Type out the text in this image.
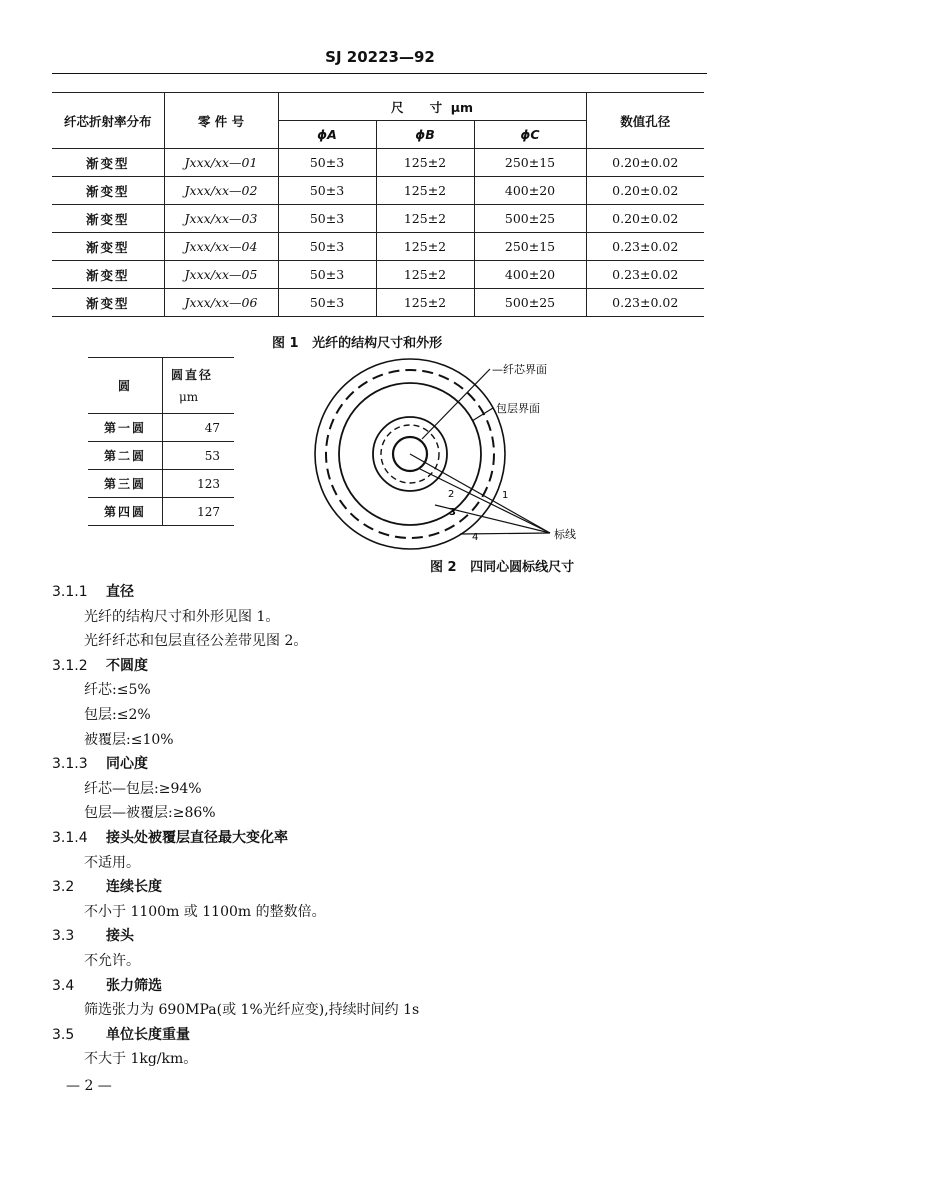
SJ 20223—92
纤芯折射率分布	零 件 号	尺      寸  μm			数值孔径
		ϕA	ϕB	ϕC	
渐变型	Jxxx/xx—01	50±3	125±2	250±15	0.20±0.02
渐变型	Jxxx/xx—02	50±3	125±2	400±20	0.20±0.02
渐变型	Jxxx/xx—03	50±3	125±2	500±25	0.20±0.02
渐变型	Jxxx/xx—04	50±3	125±2	250±15	0.23±0.02
渐变型	Jxxx/xx—05	50±3	125±2	400±20	0.23±0.02
渐变型	Jxxx/xx—06	50±3	125±2	500±25	0.23±0.02
图 1   光纤的结构尺寸和外形
圆	圆直径
μm

第一圆	47
第二圆	53
第三圆	123
第四圆	127
—纤芯界面
包层界面
标线
2	1
3
4
图 2   四同心圆标线尺寸
3.1.1 直径
光纤的结构尺寸和外形见图 1。
光纤纤芯和包层直径公差带见图 2。
3.1.2 不圆度
纤芯:≤5%
包层:≤2%
被覆层:≤10%
3.1.3 同心度
纤芯—包层:≥94%
包层—被覆层:≥86%
3.1.4 接头处被覆层直径最大变化率
不适用。
3.2 连续长度
不小于 1100m 或 1100m 的整数倍。
3.3 接头
不允许。
3.4 张力筛选
筛选张力为 690MPa(或 1%光纤应变),持续时间约 1s
3.5 单位长度重量
不大于 1kg/km。
— 2 —
